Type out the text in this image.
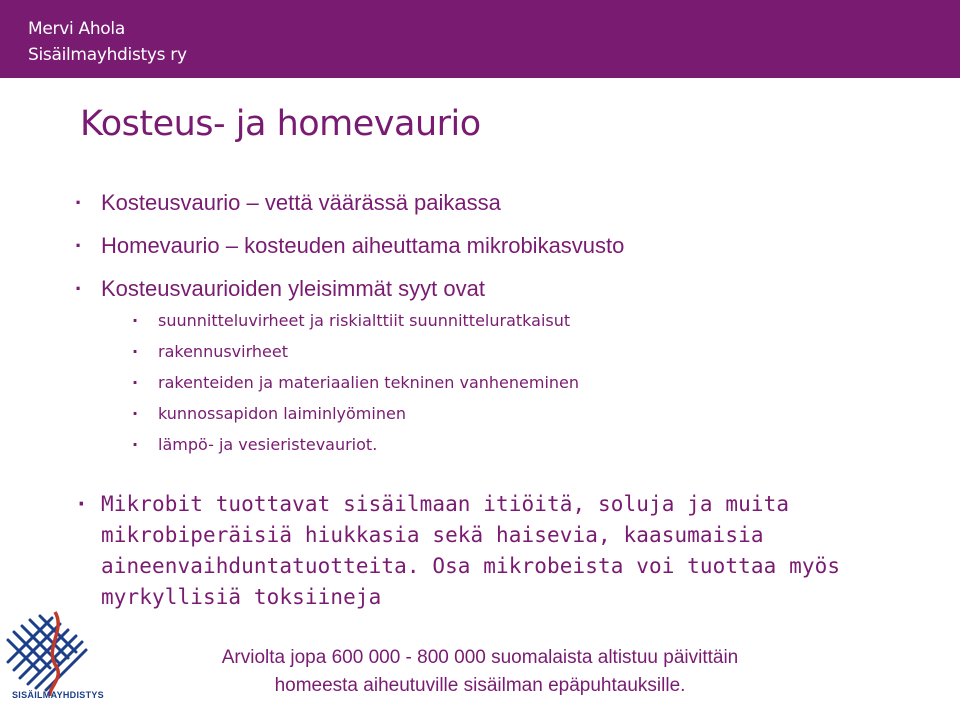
Mervi Ahola
Sisäilmayhdistys ry
Kosteus- ja homevaurio
· Kosteusvaurio – vettä väärässä paikassa
· Homevaurio – kosteuden aiheuttama mikrobikasvusto
· Kosteusvaurioiden yleisimmät syyt ovat
· suunnitteluvirheet ja riskialttiit suunnitteluratkaisut
· rakennusvirheet
· rakenteiden ja materiaalien tekninen vanheneminen
· kunnossapidon laiminlyöminen
· lämpö- ja vesieristevauriot.
· Mikrobit tuottavat sisäilmaan itiöitä, soluja ja muita mikrobiperäisiä hiukkasia sekä haisevia, kaasumaisia aineenvaihduntatuotteita. Osa mikrobeista voi tuottaa myös myrkyllisiä toksiineja
Arviolta jopa 600 000 - 800 000 suomalaista altistuu päivittäin
homeesta aiheutuville sisäilman epäpuhtauksille.
SISÄILMAYHDISTYS
